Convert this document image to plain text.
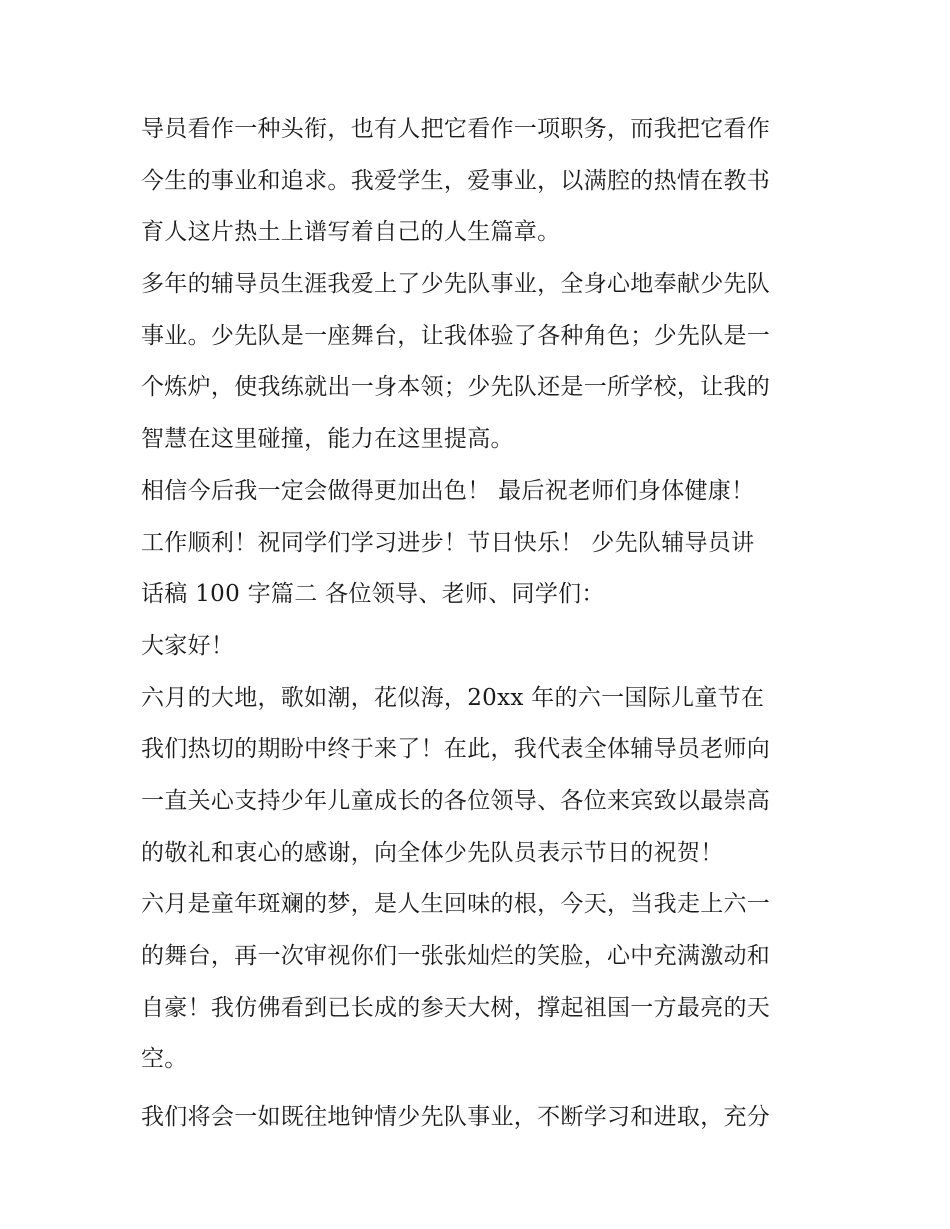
导员看作一种头衔，也有人把它看作一项职务，而我把它看作
今生的事业和追求。我爱学生，爱事业，以满腔的热情在教书
育人这片热土上谱写着自己的人生篇章。
多年的辅导员生涯我爱上了少先队事业，全身心地奉献少先队
事业。少先队是一座舞台，让我体验了各种角色；少先队是一
个炼炉，使我练就出一身本领；少先队还是一所学校，让我的
智慧在这里碰撞，能力在这里提高。
相信今后我一定会做得更加出色！ 最后祝老师们身体健康！
工作顺利！祝同学们学习进步！节日快乐！ 少先队辅导员讲
话稿 100 字篇二 各位领导、老师、同学们：
大家好！
六月的大地，歌如潮，花似海，20xx 年的六一国际儿童节在
我们热切的期盼中终于来了！在此，我代表全体辅导员老师向
一直关心支持少年儿童成长的各位领导、各位来宾致以最崇高
的敬礼和衷心的感谢，向全体少先队员表示节日的祝贺！
六月是童年斑斓的梦，是人生回味的根，今天，当我走上六一
的舞台，再一次审视你们一张张灿烂的笑脸，心中充满激动和
自豪！我仿佛看到已长成的参天大树，撑起祖国一方最亮的天
空。
我们将会一如既往地钟情少先队事业，不断学习和进取，充分
